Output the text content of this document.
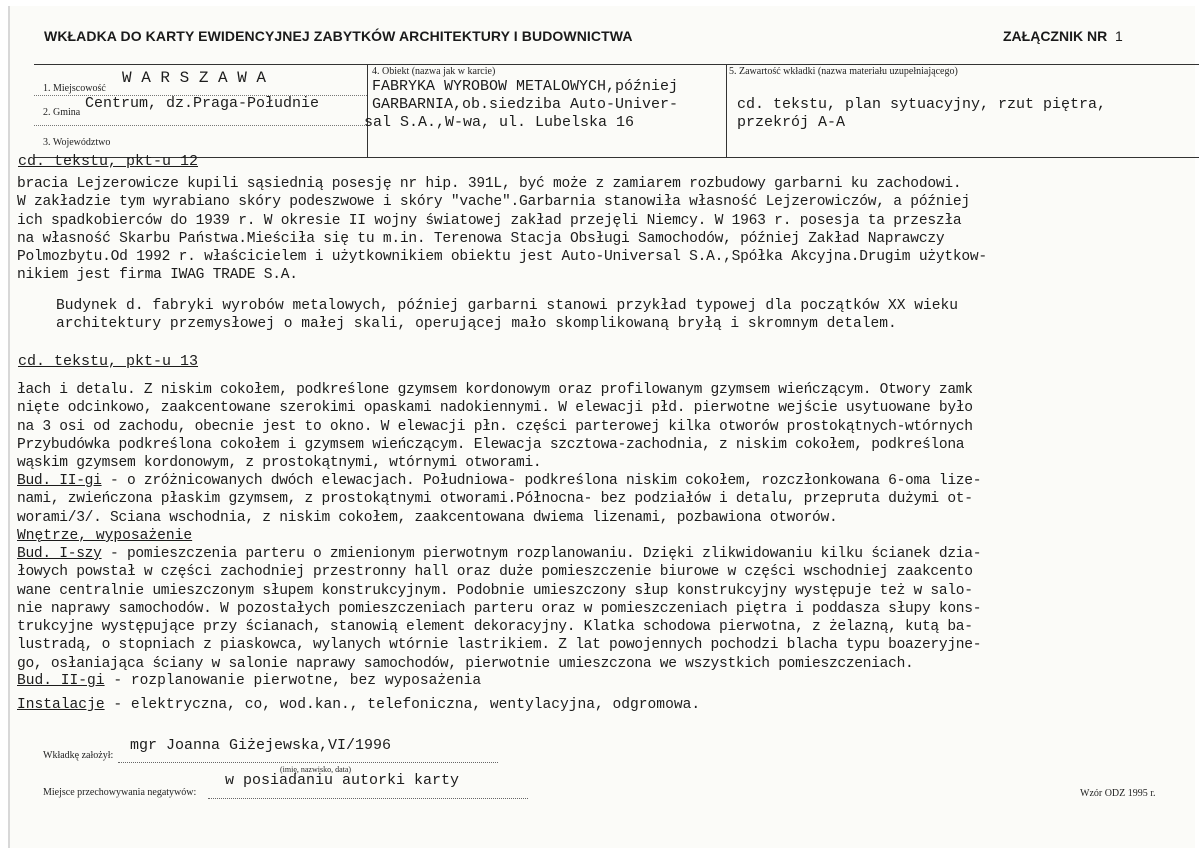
WKŁADKA DO KARTY EWIDENCYJNEJ ZABYTKÓW ARCHITEKTURY I BUDOWNICTWA	ZAŁĄCZNIK NR 1
1. Miejscowość
W A R S Z A W A
2. Gmina
Centrum, dz.Praga-Południe
3. Województwo
4. Obiekt (nazwa jak w karcie)
FABRYKA WYROBOW METALOWYCH,później
GARBARNIA,ob.siedziba Auto-Univer-
sal S.A.,W-wa, ul. Lubelska 16
5. Zawartość wkładki (nazwa materiału uzupełniającego)
cd. tekstu, plan sytuacyjny, rzut piętra,
przekrój A-A
cd. tekstu, pkt-u 12
bracia Lejzerowicze kupili sąsiednią posesję nr hip. 391L, być może z zamiarem rozbudowy garbarni ku zachodowi.
W zakładzie tym wyrabiano skóry podeszwowe i skóry "vache".Garbarnia stanowiła własność Lejzerowiczów, a później
ich spadkobierców do 1939 r. W okresie II wojny światowej zakład przejęli Niemcy. W 1963 r. posesja ta przeszła
na własność Skarbu Państwa.Mieściła się tu m.in. Terenowa Stacja Obsługi Samochodów, później Zakład Naprawczy
Polmozbytu.Od 1992 r. właścicielem i użytkownikiem obiektu jest Auto-Universal S.A.,Spółka Akcyjna.Drugim użytkow-
nikiem jest firma IWAG TRADE S.A.
Budynek d. fabryki wyrobów metalowych, później garbarni stanowi przykład typowej dla początków XX wieku
architektury przemysłowej o małej skali, operującej mało skomplikowaną bryłą i skromnym detalem.
cd. tekstu, pkt-u 13
łach i detalu. Z niskim cokołem, podkreślone gzymsem kordonowym oraz profilowanym gzymsem wieńczącym. Otwory zamk
nięte odcinkowo, zaakcentowane szerokimi opaskami nadokiennymi. W elewacji płd. pierwotne wejście usytuowane było
na 3 osi od zachodu, obecnie jest to okno. W elewacji płn. części parterowej kilka otworów prostokątnych-wtórnych
Przybudówka podkreślona cokołem i gzymsem wieńczącym. Elewacja szcztowa-zachodnia, z niskim cokołem, podkreślona
wąskim gzymsem kordonowym, z prostokątnymi, wtórnymi otworami.
Bud. II-gi - o zróżnicowanych dwóch elewacjach. Południowa- podkreślona niskim cokołem, rozczłonkowana 6-oma lize-
nami, zwieńczona płaskim gzymsem, z prostokątnymi otworami.Północna- bez podziałów i detalu, przepruta dużymi ot-
worami/3/. Sciana wschodnia, z niskim cokołem, zaakcentowana dwiema lizenami, pozbawiona otworów.
Wnętrze, wyposażenie
Bud. I-szy - pomieszczenia parteru o zmienionym pierwotnym rozplanowaniu. Dzięki zlikwidowaniu kilku ścianek dzia-
łowych powstał w części zachodniej przestronny hall oraz duże pomieszczenie biurowe w części wschodniej zaakcento
wane centralnie umieszczonym słupem konstrukcyjnym. Podobnie umieszczony słup konstrukcyjny występuje też w salo-
nie naprawy samochodów. W pozostałych pomieszczeniach parteru oraz w pomieszczeniach piętra i poddasza słupy kons-
trukcyjne występujące przy ścianach, stanowią element dekoracyjny. Klatka schodowa pierwotna, z żelazną, kutą ba-
lustradą, o stopniach z piaskowca, wylanych wtórnie lastrikiem. Z lat powojennych pochodzi blacha typu boazeryjne-
go, osłaniająca ściany w salonie naprawy samochodów, pierwotnie umieszczona we wszystkich pomieszczeniach.
Bud. II-gi - rozplanowanie pierwotne, bez wyposażenia
Instalacje - elektryczna, co, wod.kan., telefoniczna, wentylacyjna, odgromowa.
Wkładkę założył:
mgr Joanna Giżejewska,VI/1996
(imię, nazwisko, data)
Miejsce przechowywania negatywów:
w posiadaniu autorki karty
Wzór ODZ 1995 r.
